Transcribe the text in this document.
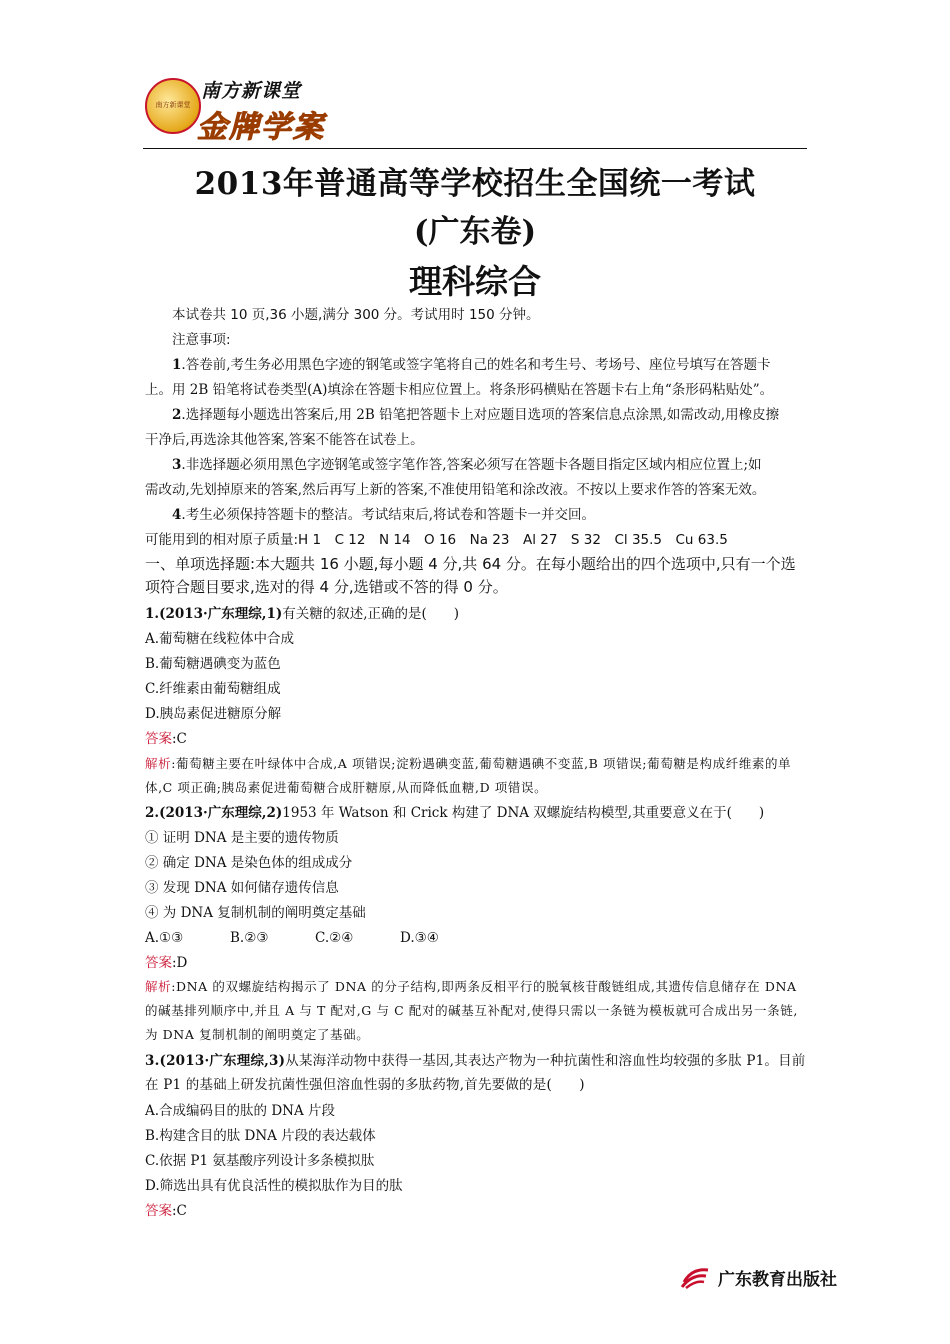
南方新课堂
南方新课堂
金牌学案
2013年普通高等学校招生全国统一考试
(广东卷)
理科综合
本试卷共 10 页,36 小题,满分 300 分。考试用时 150 分钟。
注意事项:
1.答卷前,考生务必用黑色字迹的钢笔或签字笔将自己的姓名和考生号、考场号、座位号填写在答题卡
上。用 2B 铅笔将试卷类型(A)填涂在答题卡相应位置上。将条形码横贴在答题卡右上角“条形码粘贴处”。
2.选择题每小题选出答案后,用 2B 铅笔把答题卡上对应题目选项的答案信息点涂黑,如需改动,用橡皮擦
干净后,再选涂其他答案,答案不能答在试卷上。
3.非选择题必须用黑色字迹钢笔或签字笔作答,答案必须写在答题卡各题目指定区域内相应位置上;如
需改动,先划掉原来的答案,然后再写上新的答案,不准使用铅笔和涂改液。不按以上要求作答的答案无效。
4.考生必须保持答题卡的整洁。考试结束后,将试卷和答题卡一并交回。
可能用到的相对原子质量:H 1　C 12　N 14　O 16　Na 23　Al 27　S 32　Cl 35.5　Cu 63.5
一、单项选择题:本大题共 16 小题,每小题 4 分,共 64 分。在每小题给出的四个选项中,只有一个选项符合题目要求,选对的得 4 分,选错或不答的得 0 分。
1.(2013·广东理综,1)有关糖的叙述,正确的是(　　)
A.葡萄糖在线粒体中合成
B.葡萄糖遇碘变为蓝色
C.纤维素由葡萄糖组成
D.胰岛素促进糖原分解
答案:C
解析:葡萄糖主要在叶绿体中合成,A 项错误;淀粉遇碘变蓝,葡萄糖遇碘不变蓝,B 项错误;葡萄糖是构成纤维素的单体,C 项正确;胰岛素促进葡萄糖合成肝糖原,从而降低血糖,D 项错误。
2.(2013·广东理综,2)1953 年 Watson 和 Crick 构建了 DNA 双螺旋结构模型,其重要意义在于(　　)
① 证明 DNA 是主要的遗传物质
② 确定 DNA 是染色体的组成成分
③ 发现 DNA 如何储存遗传信息
④ 为 DNA 复制机制的阐明奠定基础
A.①③	B.②③	C.②④	D.③④
答案:D
解析:DNA 的双螺旋结构揭示了 DNA 的分子结构,即两条反相平行的脱氧核苷酸链组成,其遗传信息储存在 DNA 的碱基排列顺序中,并且 A 与 T 配对,G 与 C 配对的碱基互补配对,使得只需以一条链为模板就可合成出另一条链,为 DNA 复制机制的阐明奠定了基础。
3.(2013·广东理综,3)从某海洋动物中获得一基因,其表达产物为一种抗菌性和溶血性均较强的多肽 P1。目前在 P1 的基础上研发抗菌性强但溶血性弱的多肽药物,首先要做的是(　　)
A.合成编码目的肽的 DNA 片段
B.构建含目的肽 DNA 片段的表达载体
C.依据 P1 氨基酸序列设计多条模拟肽
D.筛选出具有优良活性的模拟肽作为目的肽
答案:C
广东教育出版社
